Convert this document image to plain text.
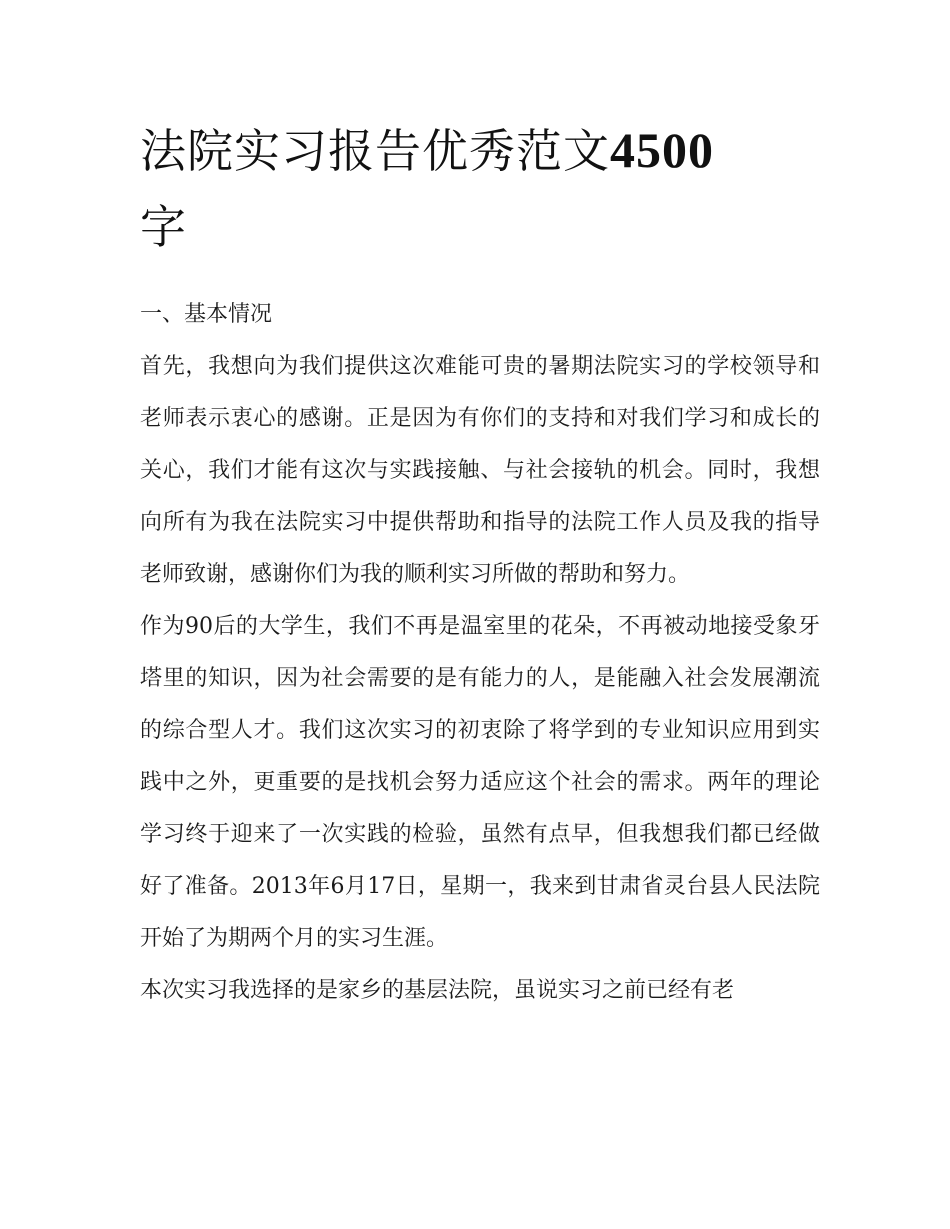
法院实习报告优秀范文4500
字

一、基本情况

首先，我想向为我们提供这次难能可贵的暑期法院实习的学校领导和老师表示衷心的感谢。正是因为有你们的支持和对我们学习和成长的关心，我们才能有这次与实践接触、与社会接轨的机会。同时，我想向所有为我在法院实习中提供帮助和指导的法院工作人员及我的指导老师致谢，感谢你们为我的顺利实习所做的帮助和努力。

作为90后的大学生，我们不再是温室里的花朵，不再被动地接受象牙塔里的知识，因为社会需要的是有能力的人，是能融入社会发展潮流的综合型人才。我们这次实习的初衷除了将学到的专业知识应用到实践中之外，更重要的是找机会努力适应这个社会的需求。两年的理论学习终于迎来了一次实践的检验，虽然有点早，但我想我们都已经做好了准备。2013年6月17日，星期一，我来到甘肃省灵台县人民法院开始了为期两个月的实习生涯。

本次实习我选择的是家乡的基层法院，虽说实习之前已经有老
